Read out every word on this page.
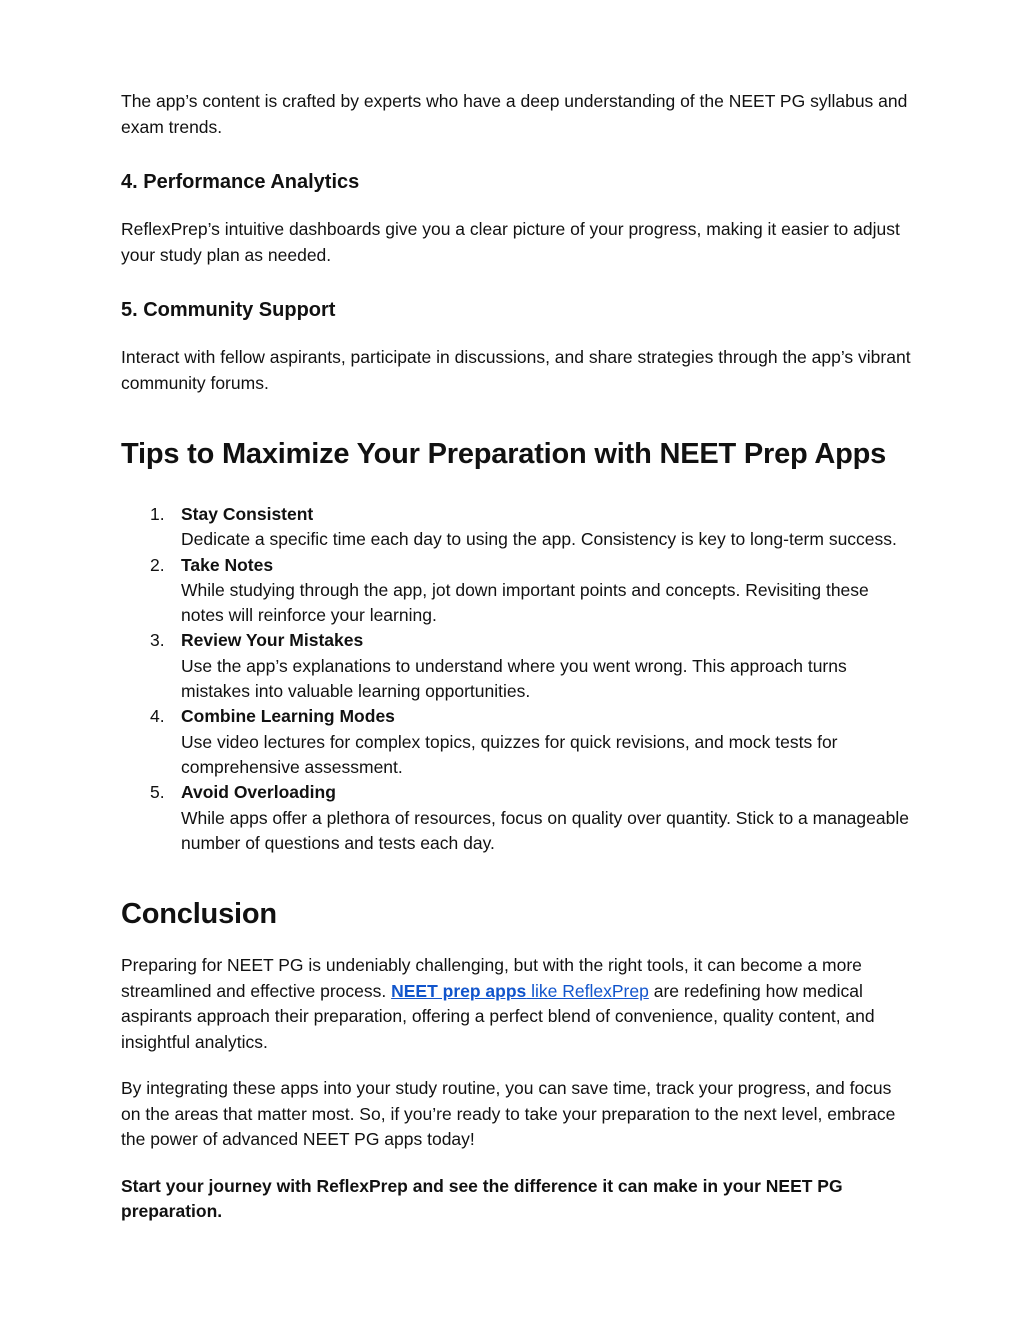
The app’s content is crafted by experts who have a deep understanding of the NEET PG syllabus and exam trends.

4. Performance Analytics

ReflexPrep’s intuitive dashboards give you a clear picture of your progress, making it easier to adjust your study plan as needed.

5. Community Support

Interact with fellow aspirants, participate in discussions, and share strategies through the app’s vibrant community forums.

Tips to Maximize Your Preparation with NEET Prep Apps
1. Stay Consistent
Dedicate a specific time each day to using the app. Consistency is key to long-term success.
2. Take Notes
While studying through the app, jot down important points and concepts. Revisiting these notes will reinforce your learning.
3. Review Your Mistakes
Use the app’s explanations to understand where you went wrong. This approach turns mistakes into valuable learning opportunities.
4. Combine Learning Modes
Use video lectures for complex topics, quizzes for quick revisions, and mock tests for comprehensive assessment.
5. Avoid Overloading
While apps offer a plethora of resources, focus on quality over quantity. Stick to a manageable number of questions and tests each day.
Conclusion

Preparing for NEET PG is undeniably challenging, but with the right tools, it can become a more streamlined and effective process. NEET prep apps like ReflexPrep are redefining how medical aspirants approach their preparation, offering a perfect blend of convenience, quality content, and insightful analytics.

By integrating these apps into your study routine, you can save time, track your progress, and focus on the areas that matter most. So, if you’re ready to take your preparation to the next level, embrace the power of advanced NEET PG apps today!

Start your journey with ReflexPrep and see the difference it can make in your NEET PG preparation.
